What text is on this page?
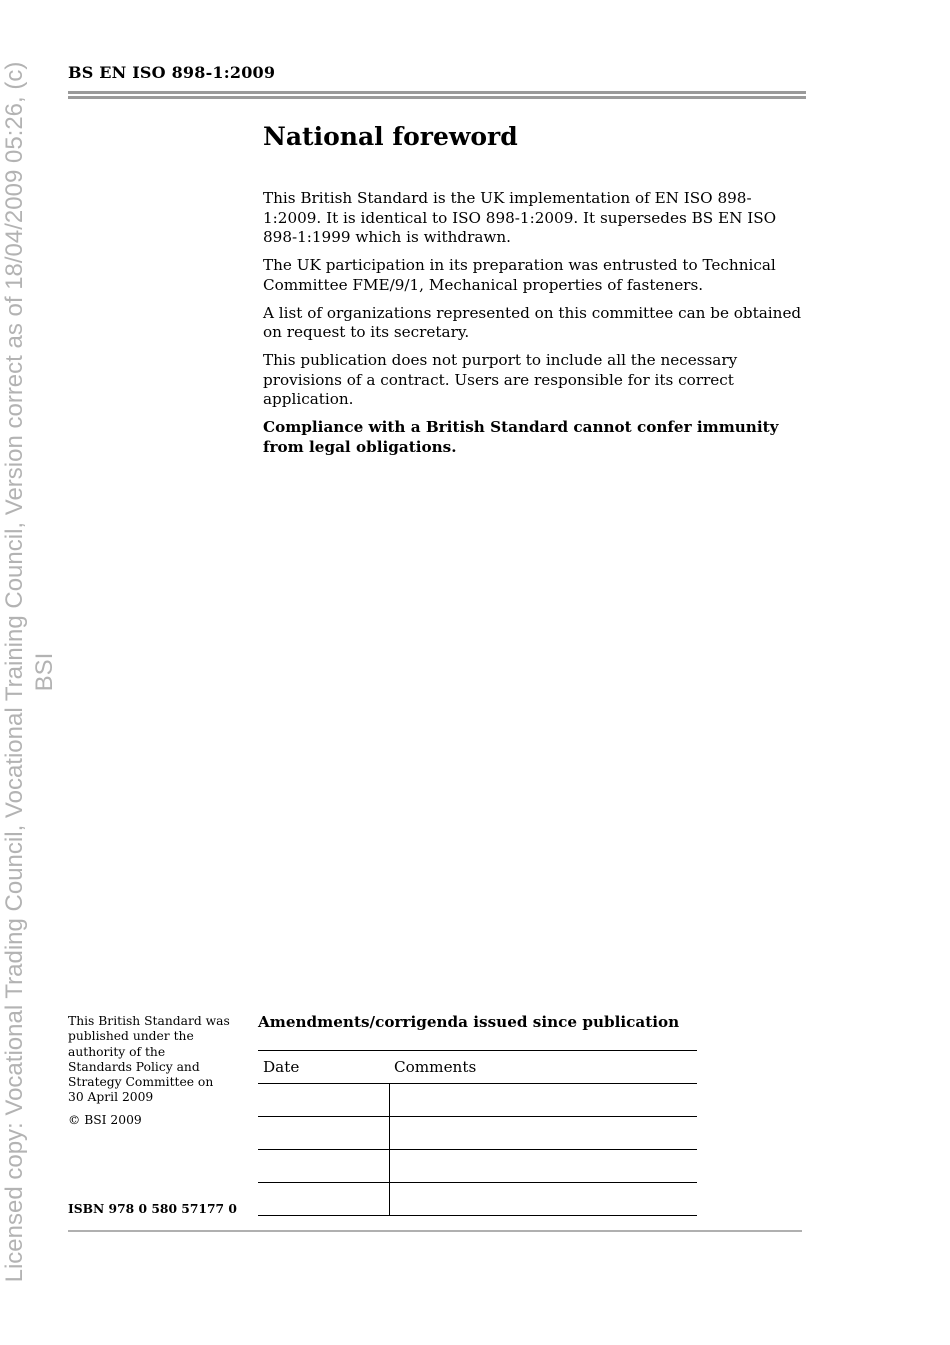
Licensed copy: Vocational Trading Council, Vocational Training Council, Version correct as of 18/04/2009 05:26, (c) BSI
BS EN ISO 898-1:2009
National foreword

This British Standard is the UK implementation of EN ISO 898-1:2009. It is identical to ISO 898-1:2009. It supersedes BS EN ISO 898-1:1999 which is withdrawn.

The UK participation in its preparation was entrusted to Technical Committee FME/9/1, Mechanical properties of fasteners.

A list of organizations represented on this committee can be obtained on request to its secretary.

This publication does not purport to include all the necessary provisions of a contract. Users are responsible for its correct application.

Compliance with a British Standard cannot confer immunity from legal obligations.

This British Standard was published under the authority of the Standards Policy and Strategy Committee on 30 April 2009

© BSI 2009

ISBN 978 0 580 57177 0
Amendments/corrigenda issued since publication
Date	Comments
